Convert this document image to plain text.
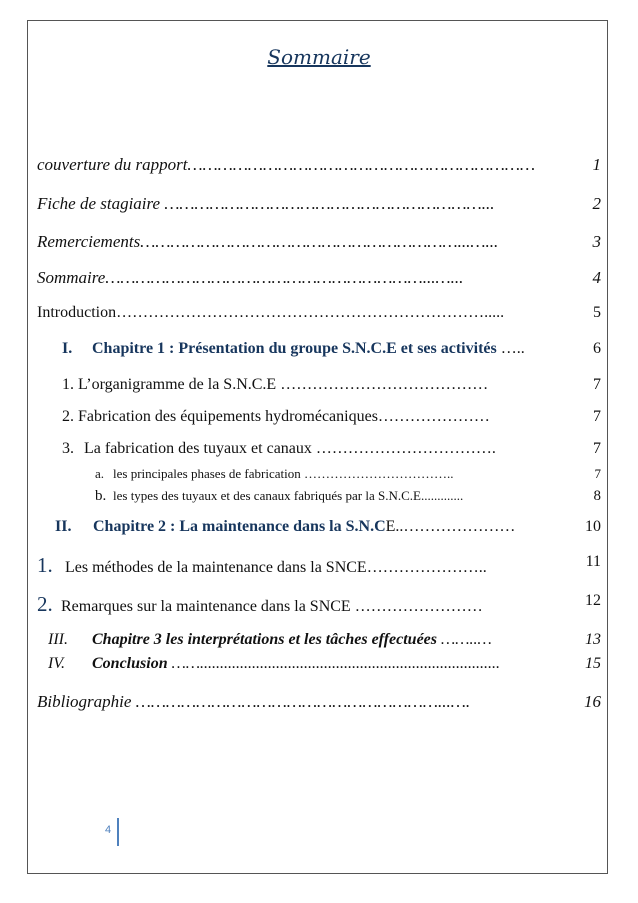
Sommaire
couverture du rapport……………………………………………………………	1
Fiche de stagiaire ………………………………………………………...	2
Remerciements………………………………………………………...…...	3
Sommaire………………………………………………………...…...	4
Introduction…………………………………………………………….....	5
I. Chapitre 1 : Présentation du groupe S.N.C.E et ses activités …..	6
1. L’organigramme de la S.N.C.E …………………………………	7
2. Fabrication des équipements hydromécaniques…………………	7
3. La fabrication des tuyaux et canaux …………………………….	7
a. les principales phases de fabrication ……………………………..	7
b. les types des tuyaux et des canaux fabriqués par la S.N.C.E.............	8
II. Chapitre 2 : La maintenance dans la S.N.CE..…………………	10
1. Les méthodes de la maintenance dans la SNCE…………………..	11
2. Remarques sur la maintenance dans la SNCE ……………………	12
III. Chapitre 3 les interprétations et les tâches effectuées ……..…	13
IV. Conclusion ……...........................................................................	15
Bibliographie ……………………………………………………...….	16
4
